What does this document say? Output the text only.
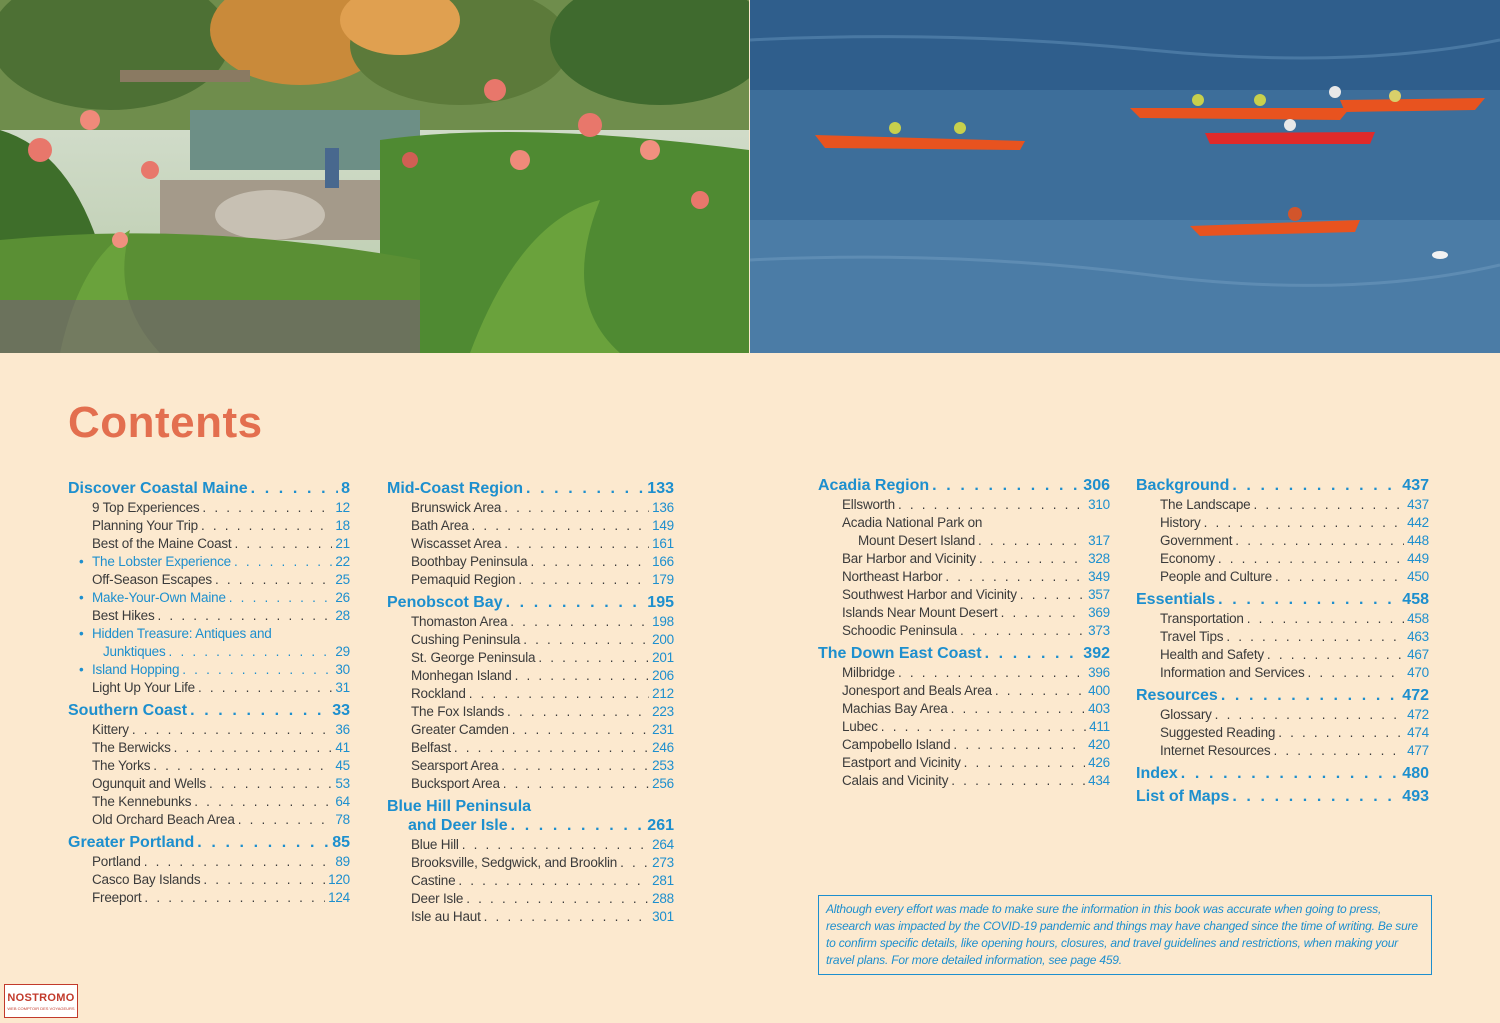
Contents
Discover Coastal Maine . . .	8
9 Top Experiences . . .	12
Planning Your Trip . . .	18
Best of the Maine Coast . . .	21
• The Lobster Experience . . .	22
Off-Season Escapes . . .	25
• Make-Your-Own Maine . . .	26
Best Hikes . . .	28
• Hidden Treasure: Antiques and
Junktiques . . .	29
• Island Hopping . . .	30
Light Up Your Life . . .	31
Southern Coast . . .	33
Kittery . . .	36
The Berwicks . . .	41
The Yorks . . .	45
Ogunquit and Wells . . .	53
The Kennebunks . . .	64
Old Orchard Beach Area . . .	78
Greater Portland . . .	85
Portland . . .	89
Casco Bay Islands . . .	120
Freeport . . .	124
Mid-Coast Region . . .	133
Brunswick Area . . .	136
Bath Area . . .	149
Wiscasset Area . . .	161
Boothbay Peninsula . . .	166
Pemaquid Region . . .	179
Penobscot Bay . . .	195
Thomaston Area . . .	198
Cushing Peninsula . . .	200
St. George Peninsula . . .	201
Monhegan Island . . .	206
Rockland . . .	212
The Fox Islands . . .	223
Greater Camden . . .	231
Belfast . . .	246
Searsport Area . . .	253
Bucksport Area . . .	256
Blue Hill Peninsula
and Deer Isle . . .	261
Blue Hill . . .	264
Brooksville, Sedgwick, and Brooklin . . .	273
Castine . . .	281
Deer Isle . . .	288
Isle au Haut . . .	301
Acadia Region . . .	306
Ellsworth . . .	310
Acadia National Park on
Mount Desert Island . . .	317
Bar Harbor and Vicinity . . .	328
Northeast Harbor . . .	349
Southwest Harbor and Vicinity . . .	357
Islands Near Mount Desert . . .	369
Schoodic Peninsula . . .	373
The Down East Coast . . .	392
Milbridge . . .	396
Jonesport and Beals Area . . .	400
Machias Bay Area . . .	403
Lubec . . .	411
Campobello Island . . .	420
Eastport and Vicinity . . .	426
Calais and Vicinity . . .	434
Background . . .	437
The Landscape . . .	437
History . . .	442
Government . . .	448
Economy . . .	449
People and Culture . . .	450
Essentials . . .	458
Transportation . . .	458
Travel Tips . . .	463
Health and Safety . . .	467
Information and Services . . .	470
Resources . . .	472
Glossary . . .	472
Suggested Reading . . .	474
Internet Resources . . .	477
Index . . .	480
List of Maps . . .	493
Although every effort was made to make sure the information in this book was accurate when going to press, research was impacted by the COVID-19 pandemic and things may have changed since the time of writing. Be sure to confirm specific details, like opening hours, closures, and travel guidelines and restrictions, when making your travel plans. For more detailed information, see page 459.
NOSTROMO
WEB COMPTOIR DES VOYAGEURS
